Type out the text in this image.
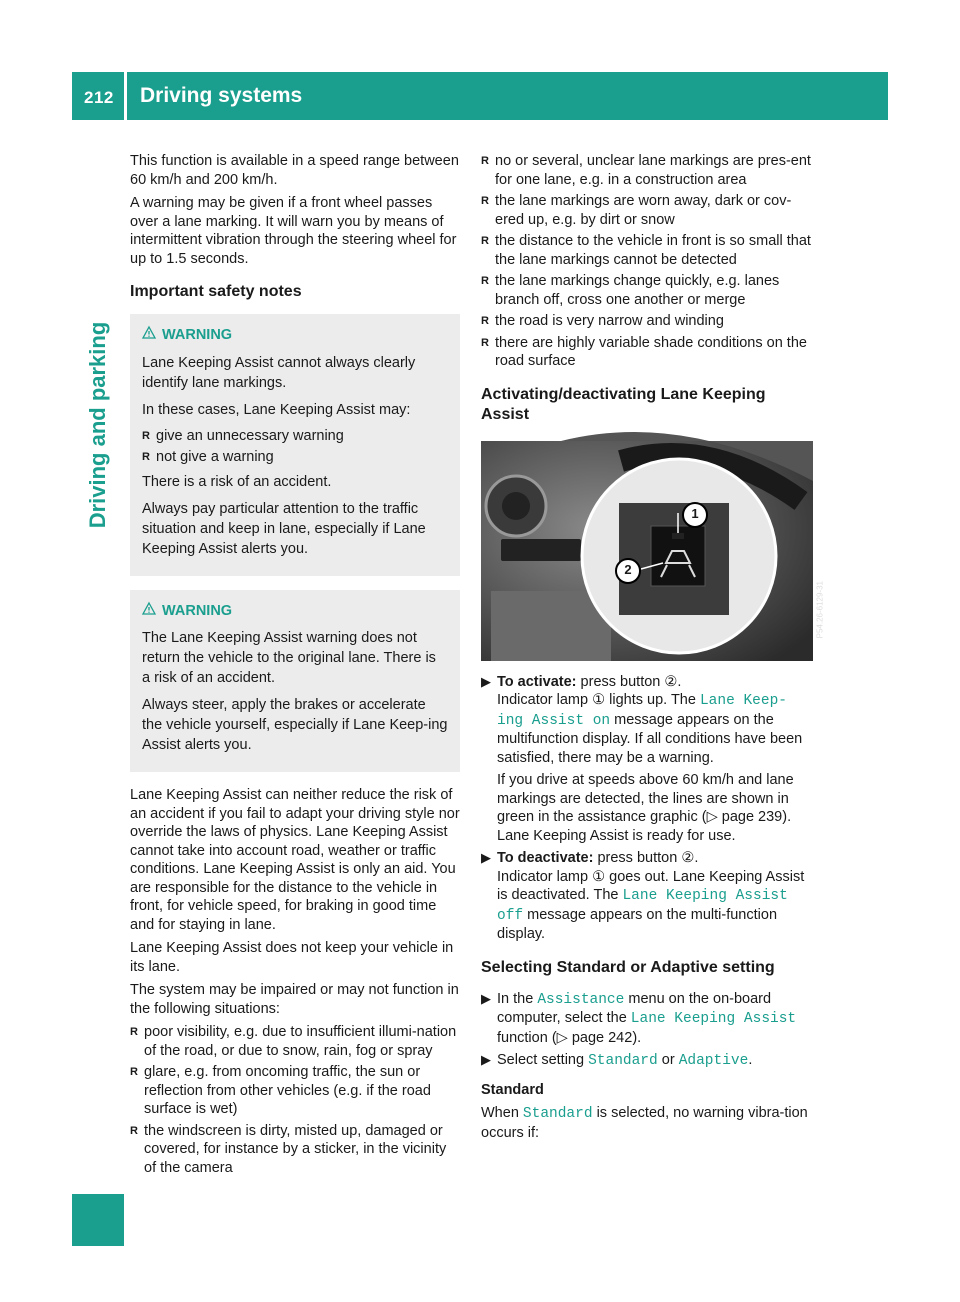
212 Driving systems
Driving and parking

This function is available in a speed range between 60 km/h and 200 km/h.

A warning may be given if a front wheel passes over a lane marking. It will warn you by means of intermittent vibration through the steering wheel for up to 1.5 seconds.

Important safety notes
WARNING

Lane Keeping Assist cannot always clearly identify lane markings.

In these cases, Lane Keeping Assist may:

R give an unnecessary warning
R not give a warning

There is a risk of an accident.

Always pay particular attention to the traffic situation and keep in lane, especially if Lane Keeping Assist alerts you.

WARNING

The Lane Keeping Assist warning does not return the vehicle to the original lane. There is a risk of an accident.

Always steer, apply the brakes or accelerate the vehicle yourself, especially if Lane Keep-ing Assist alerts you.

Lane Keeping Assist can neither reduce the risk of an accident if you fail to adapt your driving style nor override the laws of physics. Lane Keeping Assist cannot take into account road, weather or traffic conditions. Lane Keeping Assist is only an aid. You are responsible for the distance to the vehicle in front, for vehicle speed, for braking in good time and for staying in lane.

Lane Keeping Assist does not keep your vehicle in its lane.

The system may be impaired or may not function in the following situations:

R poor visibility, e.g. due to insufficient illumi-nation of the road, or due to snow, rain, fog or spray
R glare, e.g. from oncoming traffic, the sun or reflection from other vehicles (e.g. if the road surface is wet)
R the windscreen is dirty, misted up, damaged or covered, for instance by a sticker, in the vicinity of the camera
R no or several, unclear lane markings are pres-ent for one lane, e.g. in a construction area
R the lane markings are worn away, dark or cov-ered up, e.g. by dirt or snow
R the distance to the vehicle in front is so small that the lane markings cannot be detected
R the lane markings change quickly, e.g. lanes branch off, cross one another or merge
R the road is very narrow and winding
R there are highly variable shade conditions on the road surface
Activating/deactivating Lane Keeping Assist
1
2
P54.26-6129-31
▶ To activate: press button ②.
Indicator lamp ① lights up. The Lane Keep-ing Assist on message appears on the multifunction display. If all conditions have been satisfied, there may be a warning.

If you drive at speeds above 60 km/h and lane markings are detected, the lines are shown in green in the assistance graphic (▷ page 239).
Lane Keeping Assist is ready for use.

▶ To deactivate: press button ②.
Indicator lamp ① goes out. Lane Keeping Assist is deactivated. The Lane Keeping Assist off message appears on the multi-function display.
Selecting Standard or Adaptive setting
▶ In the Assistance menu on the on-board computer, select the Lane Keeping Assist function (▷ page 242).
▶ Select setting Standard or Adaptive.

Standard

When Standard is selected, no warning vibra-tion occurs if:
